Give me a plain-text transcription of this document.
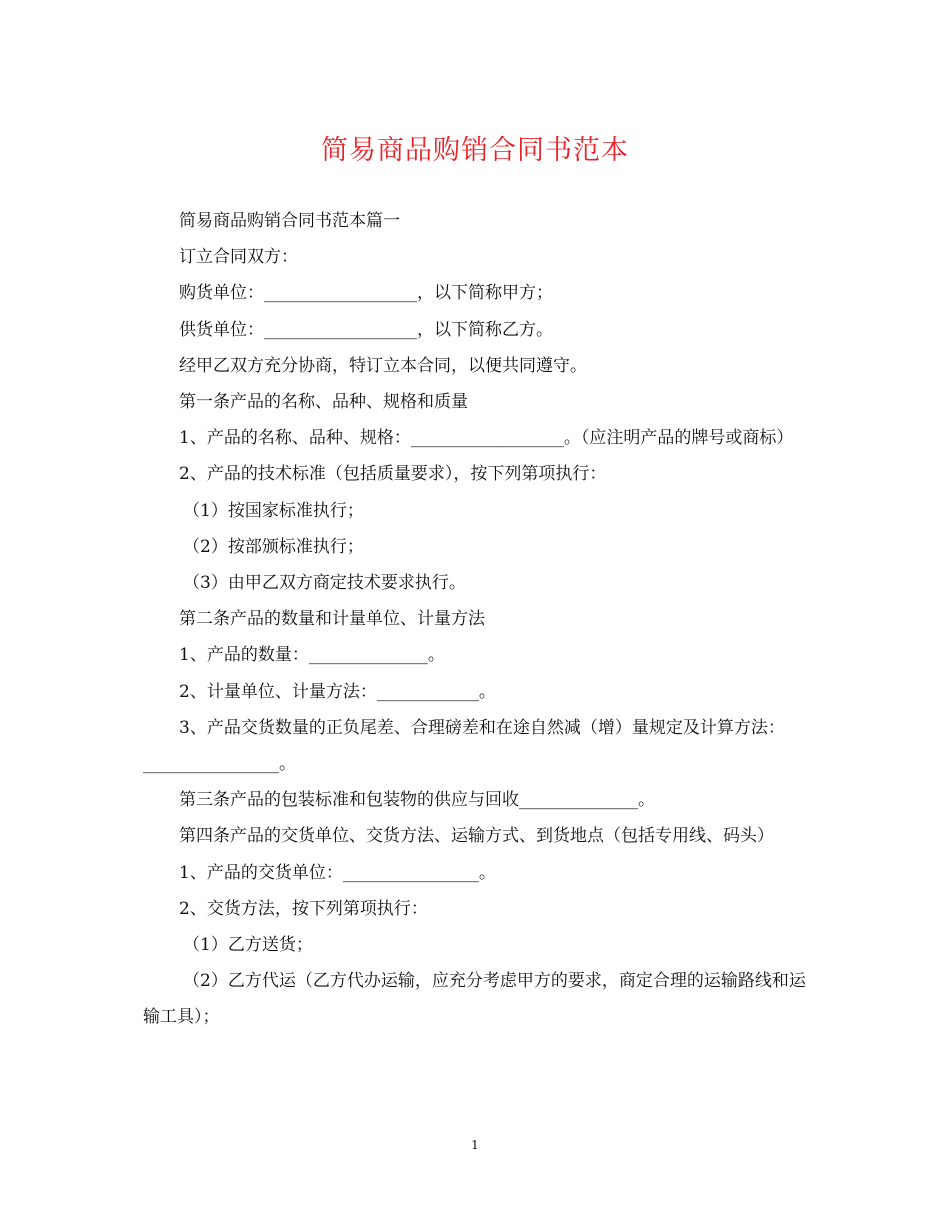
简易商品购销合同书范本

简易商品购销合同书范本篇一

订立合同双方：

购货单位：__________________，以下简称甲方；

供货单位：__________________，以下简称乙方。

经甲乙双方充分协商，特订立本合同，以便共同遵守。

第一条产品的名称、品种、规格和质量

1、产品的名称、品种、规格：__________________。（应注明产品的牌号或商标）

2、产品的技术标准（包括质量要求），按下列第项执行：

（1）按国家标准执行；

（2）按部颁标准执行；

（3）由甲乙双方商定技术要求执行。

第二条产品的数量和计量单位、计量方法

1、产品的数量：______________。

2、计量单位、计量方法：____________。

3、产品交货数量的正负尾差、合理磅差和在途自然减（增）量规定及计算方法：________________。

第三条产品的包装标准和包装物的供应与回收______________。

第四条产品的交货单位、交货方法、运输方式、到货地点（包括专用线、码头）

1、产品的交货单位：________________。

2、交货方法，按下列第项执行：

（1）乙方送货；

（2）乙方代运（乙方代办运输，应充分考虑甲方的要求，商定合理的运输路线和运输工具）；

1
